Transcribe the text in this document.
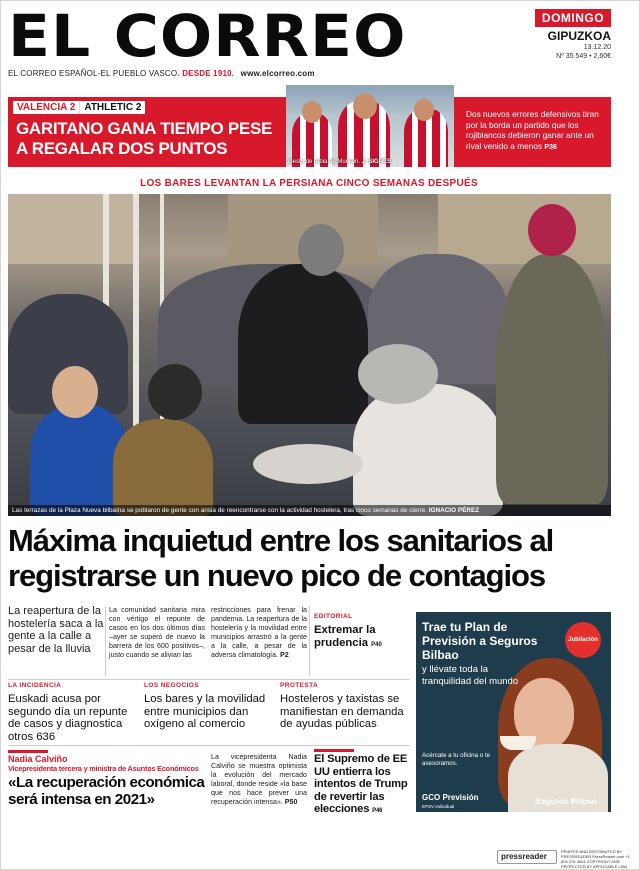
EL CORREO	DOMINGO
GIPUZKOA
13.12.20
Nº 35.549 • 2,60€
EL CORREO ESPAÑOL-EL PUEBLO VASCO. DESDE 1910. www.elcorreo.com
VALENCIA 2 ATHLETIC 2
GARITANO GANA TIEMPO PESE A REGALAR DOS PUNTOS
Gesto de rabia de Muniain. J. SIGNES
Dos nuevos errores defensivos tiran por la borda un partido que los rojiblancos debieron ganar ante un rival venido a menos P36
LOS BARES LEVANTAN LA PERSIANA CINCO SEMANAS DESPUÉS
Las terrazas de la Plaza Nueva bilbaína se poblaron de gente con ansia de reencontrarse con la actividad hostelera, tras cinco semanas de cierre. IGNACIO PÉREZ
Máxima inquietud entre los sanitarios al registrarse un nuevo pico de contagios
La reapertura de la hostelería saca a la gente a la calle a pesar de la lluvia
La comunidad sanitaria mira con vértigo el repunte de casos en los dos últimos días –ayer se superó de nuevo la barrera de los 600 positivos–, justo cuando se alivian las
restricciones para frenar la pandemia. La reapertura de la hostelería y la movilidad entre municipios arrastró a la gente a la calle, a pesar de la adversa climatología. P2
EDITORIAL
Extremar la prudencia P40
LA INCIDENCIA
Euskadi acusa por segundo día un repunte de casos y diagnostica otros 636
LOS NEGOCIOS
Los bares y la movilidad entre municipios dan oxígeno al comercio
PROTESTA
Hosteleros y taxistas se manifiestan en demanda de ayudas públicas
Nadia Calviño
Vicepresidenta tercera y ministra de Asuntos Económicos
«La recuperación económica será intensa en 2021»
La vicepresidenta Nadia Calviño se muestra optimista la evolución del mercado laboral, donde reside «la base que nos hace prever una recuperación intensa». P50
El Supremo de EE UU entierra los intentos de Trump de revertir las elecciones P46
Trae tu Plan de Previsión a Seguros Bilbao
y llévate toda la tranquilidad del mundo
Jubilación
Acércate a tu oficina o te asesoramos.
GCO Previsión
EPSV Individual
Seguros Bilbao
pressreader
PRINTED AND DISTRIBUTED BY PRESSREADER PressReader.com +1 604 278 4604 COPYRIGHT AND PROTECTED BY APPLICABLE LAW
